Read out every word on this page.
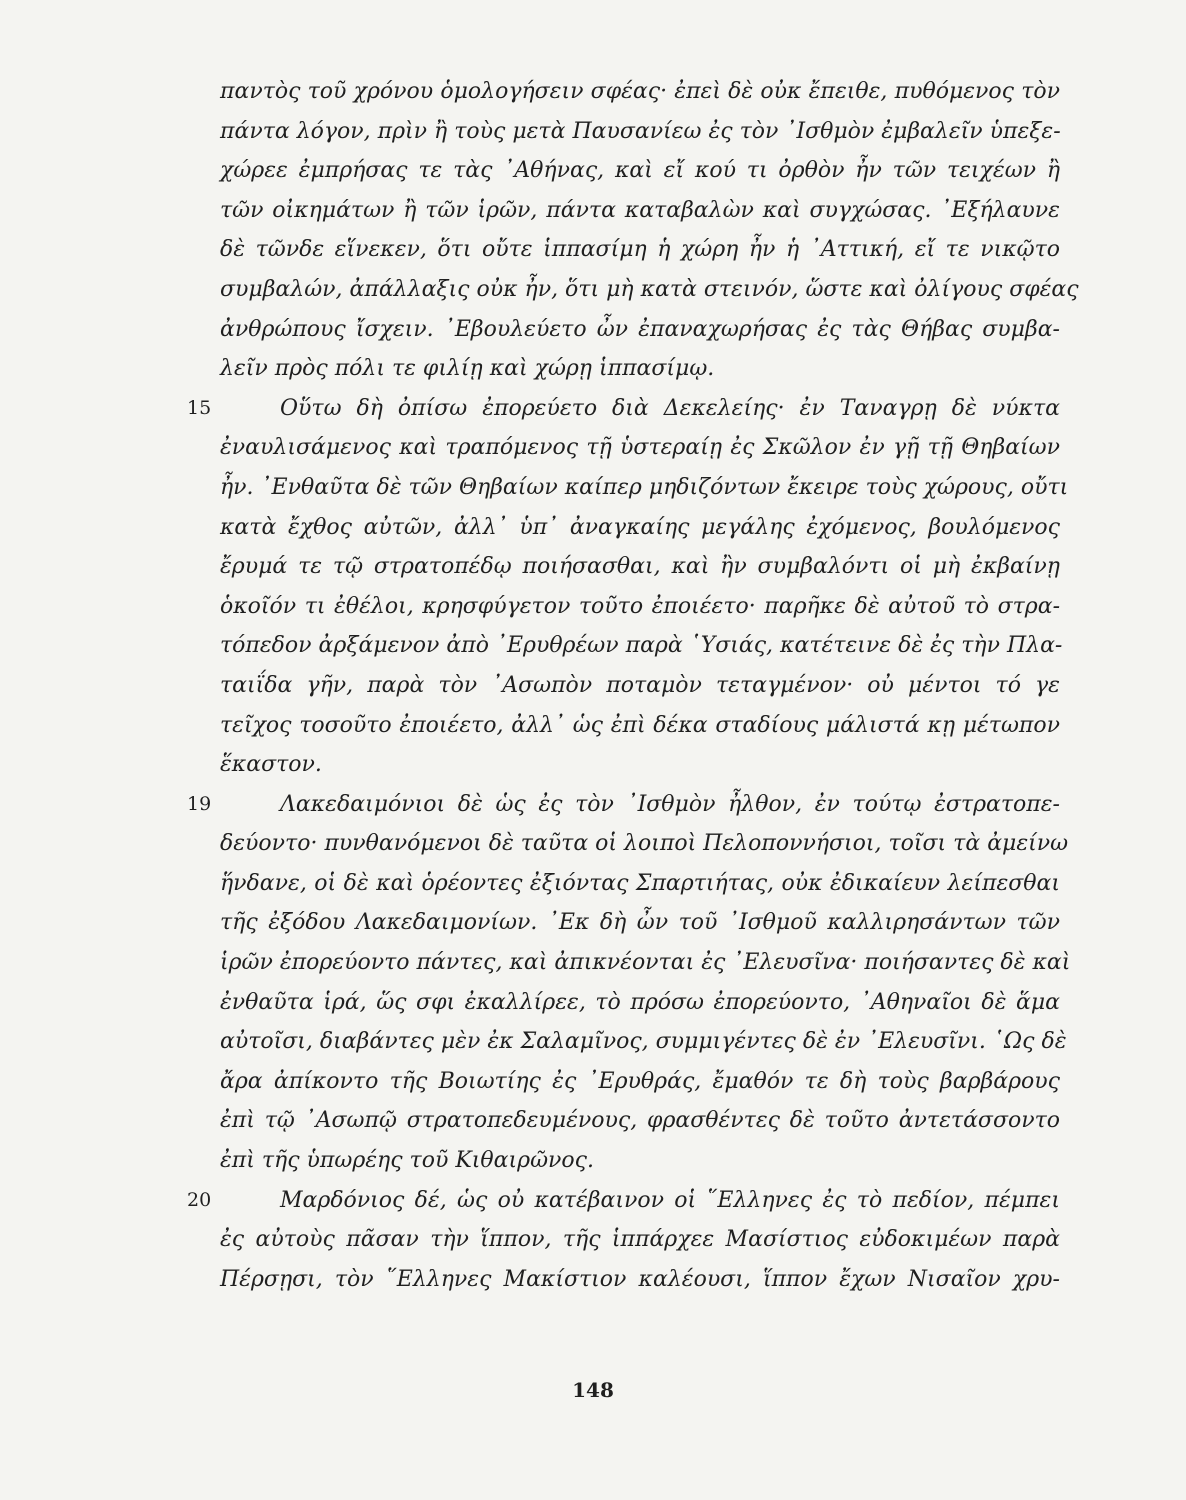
παντὸς τοῦ χρόνου ὁμολογήσειν σφέας· ἐπεὶ δὲ οὐκ ἔπειθε, πυθόμενος τὸν
πάντα λόγον, πρὶν ἢ τοὺς μετὰ Παυσανίεω ἐς τὸν ᾿Ισθμὸν ἐμβαλεῖν ὑπεξε-
χώρεε ἐμπρήσας τε τὰς ᾿Αθήνας, καὶ εἴ κού τι ὀρθὸν ἦν τῶν τειχέων ἢ
τῶν οἰκημάτων ἢ τῶν ἱρῶν, πάντα καταβαλὼν καὶ συγχώσας. ᾿Εξήλαυνε
δὲ τῶνδε εἵνεκεν, ὅτι οὔτε ἱππασίμη ἡ χώρη ἦν ἡ ᾿Αττική, εἴ τε νικῷτο
συμβαλών, ἀπάλλαξις οὐκ ἦν, ὅτι μὴ κατὰ στεινόν, ὥστε καὶ ὀλίγους σφέας
ἀνθρώπους ἴσχειν. ᾿Εβουλεύετο ὦν ἐπαναχωρήσας ἐς τὰς Θήβας συμβα-
λεῖν πρὸς πόλι τε φιλίῃ καὶ χώρῃ ἱππασίμῳ.
15	Οὕτω δὴ ὀπίσω ἐπορεύετο διὰ Δεκελείης· ἐν Ταναγρῃ δὲ νύκτα
ἐναυλισάμενος καὶ τραπόμενος τῇ ὑστεραίῃ ἐς Σκῶλον ἐν γῇ τῇ Θηβαίων
ἦν. ᾿Ενθαῦτα δὲ τῶν Θηβαίων καίπερ μηδιζόντων ἔκειρε τοὺς χώρους, οὔτι
κατὰ ἔχθος αὐτῶν, ἀλλ᾿ ὑπ᾿ ἀναγκαίης μεγάλης ἐχόμενος, βουλόμενος
ἔρυμά τε τῷ στρατοπέδῳ ποιήσασθαι, καὶ ἢν συμβαλόντι οἱ μὴ ἐκβαίνῃ
ὁκοῖόν τι ἐθέλοι, κρησφύγετον τοῦτο ἐποιέετο· παρῆκε δὲ αὐτοῦ τὸ στρα-
τόπεδον ἀρξάμενον ἀπὸ ᾿Ερυθρέων παρὰ ῾Υσιάς, κατέτεινε δὲ ἐς τὴν Πλα-
ταιΐδα γῆν, παρὰ τὸν ᾿Ασωπὸν ποταμὸν τεταγμένον· οὐ μέντοι τό γε
τεῖχος τοσοῦτο ἐποιέετο, ἀλλ᾿ ὡς ἐπὶ δέκα σταδίους μάλιστά κῃ μέτωπον
ἕκαστον.
19	Λακεδαιμόνιοι δὲ ὡς ἐς τὸν ᾿Ισθμὸν ἦλθον, ἐν τούτῳ ἐστρατοπε-
δεύοντο· πυνθανόμενοι δὲ ταῦτα οἱ λοιποὶ Πελοποννήσιοι, τοῖσι τὰ ἀμείνω
ἥνδανε, οἱ δὲ καὶ ὁρέοντες ἐξιόντας Σπαρτιήτας, οὐκ ἐδικαίευν λείπεσθαι
τῆς ἐξόδου Λακεδαιμονίων. ᾿Εκ δὴ ὦν τοῦ ᾿Ισθμοῦ καλλιρησάντων τῶν
ἱρῶν ἐπορεύοντο πάντες, καὶ ἀπικνέονται ἐς ᾿Ελευσῖνα· ποιήσαντες δὲ καὶ
ἐνθαῦτα ἱρά, ὥς σφι ἐκαλλίρεε, τὸ πρόσω ἐπορεύοντο, ᾿Αθηναῖοι δὲ ἅμα
αὐτοῖσι, διαβάντες μὲν ἐκ Σαλαμῖνος, συμμιγέντες δὲ ἐν ᾿Ελευσῖνι. ῾Ως δὲ
ἄρα ἀπίκοντο τῆς Βοιωτίης ἐς ᾿Ερυθράς, ἔμαθόν τε δὴ τοὺς βαρβάρους
ἐπὶ τῷ ᾿Ασωπῷ στρατοπεδευμένους, φρασθέντες δὲ τοῦτο ἀντετάσσοντο
ἐπὶ τῆς ὑπωρέης τοῦ Κιθαιρῶνος.
20	Μαρδόνιος δέ, ὡς οὐ κατέβαινον οἱ ῞Ελληνες ἐς τὸ πεδίον, πέμπει
ἐς αὐτοὺς πᾶσαν τὴν ἵππον, τῆς ἱππάρχεε Μασίστιος εὐδοκιμέων παρὰ
Πέρσῃσι, τὸν ῞Ελληνες Μακίστιον καλέουσι, ἵππον ἔχων Νισαῖον χρυ-
148
